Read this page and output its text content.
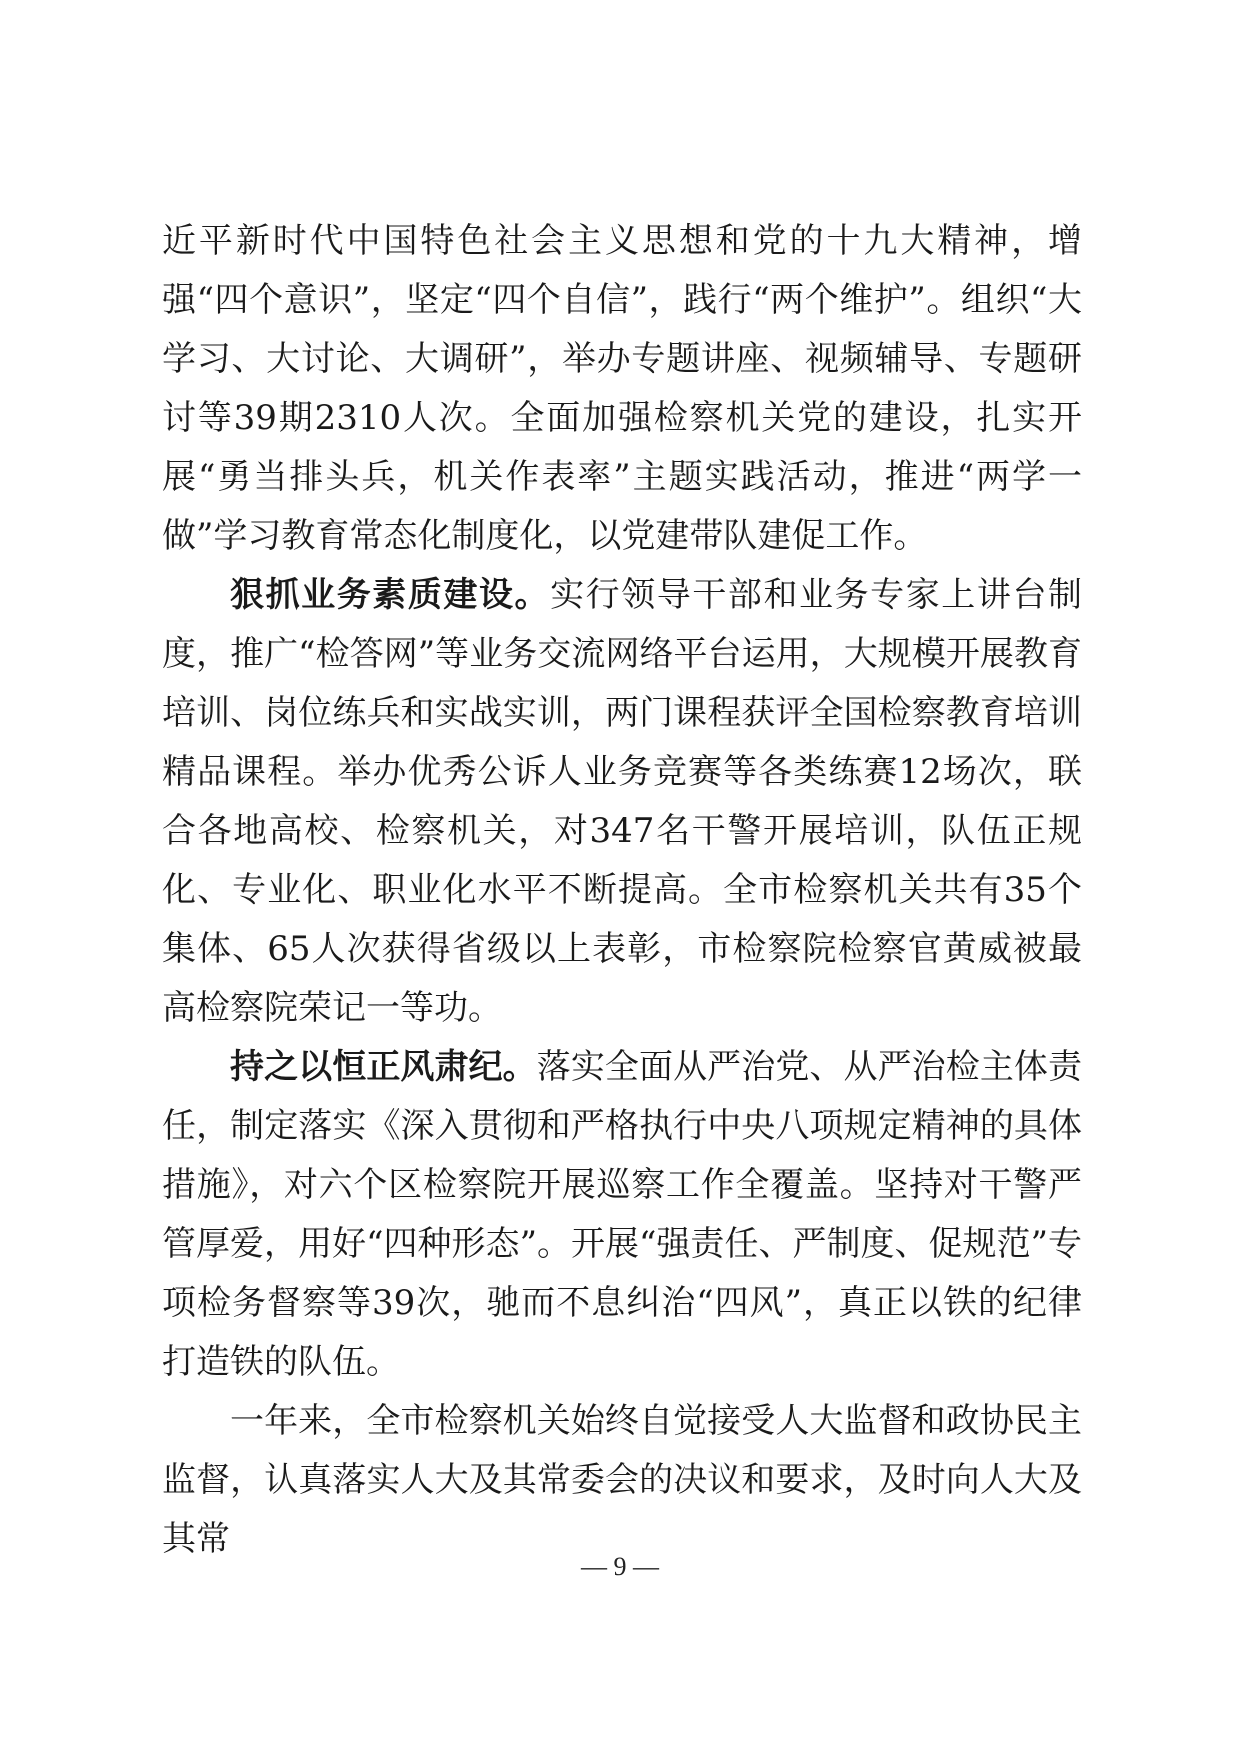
近平新时代中国特色社会主义思想和党的十九大精神，增强“四个意识”，坚定“四个自信”，践行“两个维护”。组织“大学习、大讨论、大调研”，举办专题讲座、视频辅导、专题研讨等39期2310人次。全面加强检察机关党的建设，扎实开展“勇当排头兵，机关作表率”主题实践活动，推进“两学一做”学习教育常态化制度化，以党建带队建促工作。

狠抓业务素质建设。实行领导干部和业务专家上讲台制度，推广“检答网”等业务交流网络平台运用，大规模开展教育培训、岗位练兵和实战实训，两门课程获评全国检察教育培训精品课程。举办优秀公诉人业务竞赛等各类练赛12场次，联合各地高校、检察机关，对347名干警开展培训，队伍正规化、专业化、职业化水平不断提高。全市检察机关共有35个集体、65人次获得省级以上表彰，市检察院检察官黄威被最高检察院荣记一等功。

持之以恒正风肃纪。落实全面从严治党、从严治检主体责任，制定落实《深入贯彻和严格执行中央八项规定精神的具体措施》，对六个区检察院开展巡察工作全覆盖。坚持对干警严管厚爱，用好“四种形态”。开展“强责任、严制度、促规范”专项检务督察等39次，驰而不息纠治“四风”，真正以铁的纪律打造铁的队伍。

一年来，全市检察机关始终自觉接受人大监督和政协民主监督，认真落实人大及其常委会的决议和要求，及时向人大及其常

— 9 —
